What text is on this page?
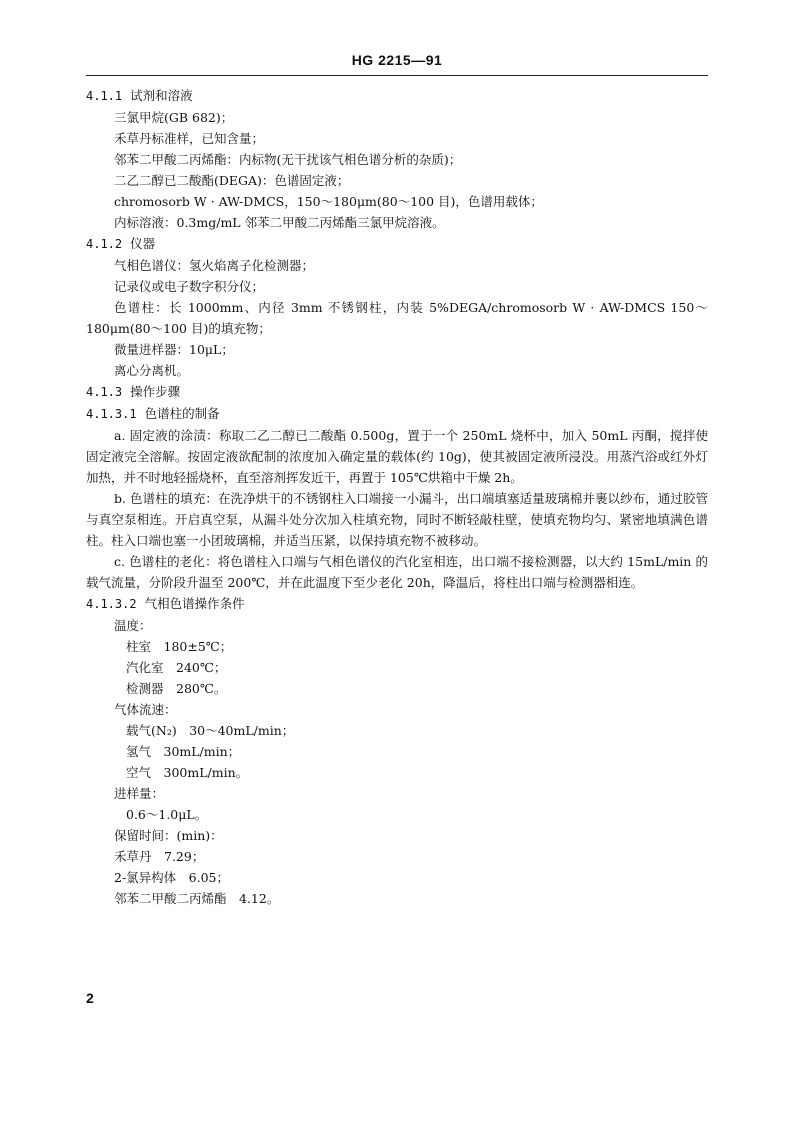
HG 2215—91
4.1.1 试剂和溶液
三氯甲烷(GB 682)；
禾草丹标准样，已知含量；
邻苯二甲酸二丙烯酯：内标物(无干扰该气相色谱分析的杂质)；
二乙二醇已二酸酯(DEGA)：色谱固定液；
chromosorb W · AW-DMCS，150～180μm(80～100 目)，色谱用载体；
内标溶液：0.3mg/mL 邻苯二甲酸二丙烯酯三氯甲烷溶液。
4.1.2 仪器
气相色谱仪：氢火焰离子化检测器；
记录仪或电子数字积分仪；
色谱柱：长 1000mm、内径 3mm 不锈钢柱，内装 5%DEGA/chromosorb W · AW-DMCS 150～180μm(80～100 目)的填充物；
微量进样器：10μL；
离心分离机。
4.1.3 操作步骤
4.1.3.1 色谱柱的制备
a. 固定液的涂渍：称取二乙二醇已二酸酯 0.500g，置于一个 250mL 烧杯中，加入 50mL 丙酮，搅拌使固定液完全溶解。按固定液欲配制的浓度加入确定量的载体(约 10g)，使其被固定液所浸没。用蒸汽浴或红外灯加热，并不时地轻摇烧杯，直至溶剂挥发近干，再置于 105℃烘箱中干燥 2h。
b. 色谱柱的填充：在洗净烘干的不锈钢柱入口端接一小漏斗，出口端填塞适量玻璃棉并裹以纱布，通过胶管与真空泵相连。开启真空泵，从漏斗处分次加入柱填充物，同时不断轻敲柱壁，使填充物均匀、紧密地填满色谱柱。柱入口端也塞一小团玻璃棉，并适当压紧，以保持填充物不被移动。
c. 色谱柱的老化：将色谱柱入口端与气相色谱仪的汽化室相连，出口端不接检测器，以大约 15mL/min 的载气流量，分阶段升温至 200℃，并在此温度下至少老化 20h，降温后，将柱出口端与检测器相连。
4.1.3.2 气相色谱操作条件
温度：
柱室　180±5℃；
汽化室　240℃；
检测器　280℃。
气体流速：
载气(N₂)　30～40mL/min；
氢气　30mL/min；
空气　300mL/min。
进样量：
0.6～1.0μL。
保留时间：(min)：
禾草丹　7.29；
2-氯异构体　6.05；
邻苯二甲酸二丙烯酯　4.12。
2
